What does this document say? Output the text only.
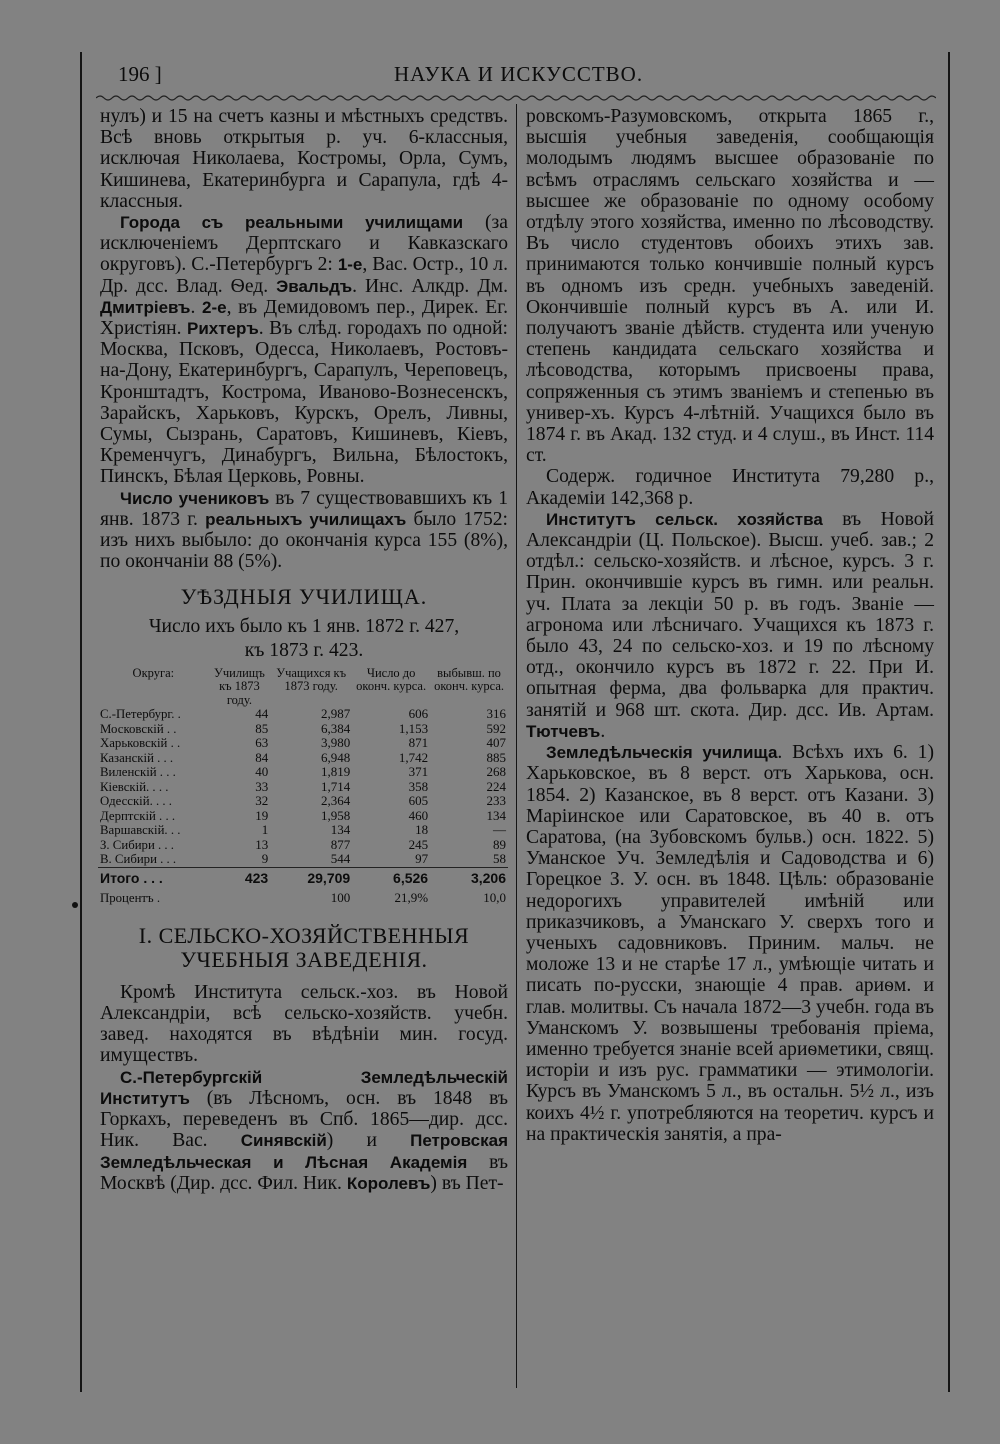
196 ]	НАУКА И ИСКУССТВО.

нулъ) и 15 на счетъ казны и мѣстныхъ средствъ. Всѣ вновь открытыя р. уч. 6-классныя, исключая Николаева, Костромы, Орла, Сумъ, Кишинева, Екатеринбурга и Сарапула, гдѣ 4-классныя.

Города съ реальными училищами (за исключеніемъ Дерптскаго и Кавказскаго округовъ). С.-Петербургъ 2: 1-е, Вас. Остр., 10 л. Др. дсс. Влад. Ѳед. Эвальдъ. Инс. Алкдр. Дм. Дмитріевъ. 2-е, въ Демидовомъ пер., Дирек. Ег. Христіян. Рихтеръ. Въ слѣд. городахъ по одной: Москва, Псковъ, Одесса, Николаевъ, Ростовъ-на-Дону, Екатеринбургъ, Сарапулъ, Череповецъ, Кронштадтъ, Кострома, Иваново-Вознесенскъ, Зарайскъ, Харьковъ, Курскъ, Орелъ, Ливны, Сумы, Сызрань, Саратовъ, Кишиневъ, Кіевъ, Кременчугъ, Динабургъ, Вильна, Бѣлостокъ, Пинскъ, Бѣлая Церковь, Ровны.

Число учениковъ въ 7 существовавшихъ къ 1 янв. 1873 г. реальныхъ училищахъ было 1752: изъ нихъ выбыло: до окончанія курса 155 (8%), по окончаніи 88 (5%).

УѢЗДНЫЯ УЧИЛИЩА.
Число ихъ было къ 1 янв. 1872 г. 427,
къ 1873 г. 423.
Округа:	Училищъ къ 1873 году.	Учащихся къ 1873 году.	Число до оконч. курса.	выбывш. по оконч. курса.
С.-Петербург. .	44	2,987	606	316
Московскій . .	85	6,384	1,153	592
Харьковскій . .	63	3,980	871	407
Казанскій . . .	84	6,948	1,742	885
Виленскій . . .	40	1,819	371	268
Кіевскій. . . .	33	1,714	358	224
Одесскій. . . .	32	2,364	605	233
Дерптскій . . .	19	1,958	460	134
Варшавскій. . .	1	134	18	—
З. Сибири . . .	13	877	245	89
В. Сибири . . .	9	544	97	58
Итого . . .	423	29,709	6,526	3,206
Процентъ .		100	21,9%	10,0
I. СЕЛЬСКО-ХОЗЯЙСТВЕННЫЯ УЧЕБНЫЯ ЗАВЕДЕНІЯ.

Кромѣ Института сельск.-хоз. въ Новой Александріи, всѣ сельско-хозяйств. учебн. завед. находятся въ вѣдѣніи мин. госуд. имуществъ.

С.-Петербургскій Земледѣльческій Институтъ (въ Лѣсномъ, осн. въ 1848 въ Горкахъ, переведенъ въ Спб. 1865—дир. дсс. Ник. Вас. Синявскій) и Петровская Земледѣльческая и Лѣсная Академія въ Москвѣ (Дир. дсс. Фил. Ник. Королевъ) въ Пет-

ровскомъ-Разумовскомъ, открыта 1865 г., высшія учебныя заведенія, сообщающія молодымъ людямъ высшее образованіе по всѣмъ отраслямъ сельскаго хозяйства и — высшее же образованіе по одному особому отдѣлу этого хозяйства, именно по лѣсоводству. Въ число студентовъ обоихъ этихъ зав. принимаются только кончившіе полный курсъ въ одномъ изъ средн. учебныхъ заведеній. Окончившіе полный курсъ въ А. или И. получаютъ званіе дѣйств. студента или ученую степень кандидата сельскаго хозяйства и лѣсоводства, которымъ присвоены права, сопряженныя съ этимъ званіемъ и степенью въ универ-хъ. Курсъ 4-лѣтній. Учащихся было въ 1874 г. въ Акад. 132 студ. и 4 слуш., въ Инст. 114 ст.

Содерж. годичное Института 79,280 р., Академіи 142,368 р.

Институтъ сельск. хозяйства въ Новой Александріи (Ц. Польское). Высш. учеб. зав.; 2 отдѣл.: сельско-хозяйств. и лѣсное, курсъ. 3 г. Прин. окончившіе курсъ въ гимн. или реальн. уч. Плата за лекціи 50 р. въ годъ. Званіе — агронома или лѣсничаго. Учащихся къ 1873 г. было 43, 24 по сельско-хоз. и 19 по лѣсному отд., окончило курсъ въ 1872 г. 22. При И. опытная ферма, два фольварка для практич. занятій и 968 шт. скота. Дир. дсс. Ив. Артам. Тютчевъ.

Земледѣльческія училища. Всѣхъ ихъ 6. 1) Харьковское, въ 8 верст. отъ Харькова, осн. 1854. 2) Казанское, въ 8 верст. отъ Казани. 3) Маріинское или Саратовское, въ 40 в. отъ Саратова, (на Зубовскомъ бульв.) осн. 1822. 5) Уманское Уч. Земледѣлія и Садоводства и 6) Горецкое З. У. осн. въ 1848. Цѣль: образованіе недорогихъ управителей имѣній или приказчиковъ, а Уманскаго У. сверхъ того и ученыхъ садовниковъ. Приним. мальч. не моложе 13 и не старѣе 17 л., умѣющіе читать и писать по-русски, знающіе 4 прав. ариѳм. и глав. молитвы. Съ начала 1872—3 учебн. года въ Уманскомъ У. возвышены требованія пріема, именно требуется знаніе всей ариѳметики, свящ. исторіи и изъ рус. грамматики — этимологіи. Курсъ въ Уманскомъ 5 л., въ остальн. 5½ л., изъ коихъ 4½ г. употребляются на теоретич. курсъ и на практическія занятія, а пра-
